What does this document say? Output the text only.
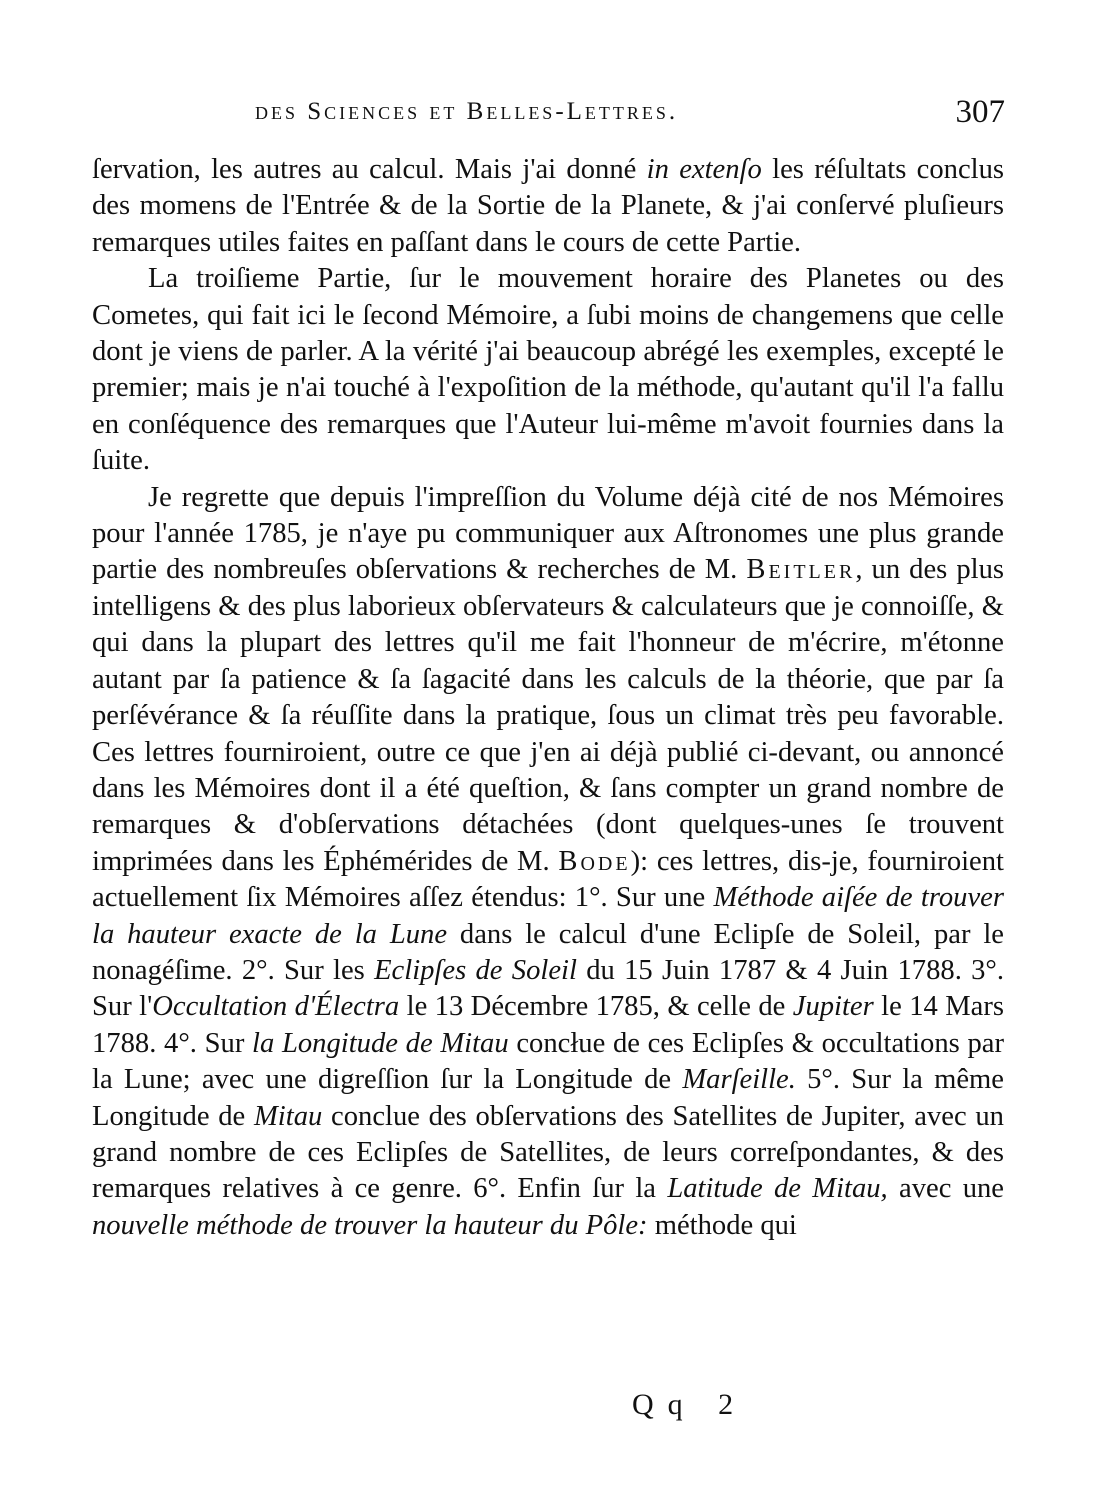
des Sciences et Belles-Lettres.	307

ſervation, les autres au calcul. Mais j'ai donné in extenſo les réſultats conclus des momens de l'Entrée & de la Sortie de la Planete, & j'ai conſervé pluſieurs remarques utiles faites en paſſant dans le cours de cette Partie.

La troiſieme Partie, ſur le mouvement horaire des Planetes ou des Cometes, qui fait ici le ſecond Mémoire, a ſubi moins de changemens que celle dont je viens de parler. A la vérité j'ai beaucoup abrégé les exemples, excepté le premier; mais je n'ai touché à l'expoſition de la méthode, qu'autant qu'il l'a fallu en conſéquence des remarques que l'Auteur lui-même m'avoit fournies dans la ſuite.

Je regrette que depuis l'impreſſion du Volume déjà cité de nos Mémoires pour l'année 1785, je n'aye pu communiquer aux Aſtronomes une plus grande partie des nombreuſes obſervations & recherches de M. Beitler, un des plus intelligens & des plus laborieux obſervateurs & calculateurs que je connoiſſe, & qui dans la plupart des lettres qu'il me fait l'honneur de m'écrire, m'étonne autant par ſa patience & ſa ſagacité dans les calculs de la théorie, que par ſa perſévérance & ſa réuſſite dans la pratique, ſous un climat très peu favorable. Ces lettres fourniroient, outre ce que j'en ai déjà publié ci-devant, ou annoncé dans les Mémoires dont il a été queſtion, & ſans compter un grand nombre de remarques & d'obſervations détachées (dont quelques-unes ſe trouvent imprimées dans les Éphémérides de M. Bode): ces lettres, dis-je, fourniroient actuellement ſix Mémoires aſſez étendus: 1°. Sur une Méthode aiſée de trouver la hauteur exacte de la Lune dans le calcul d'une Eclipſe de Soleil, par le nonagéſime. 2°. Sur les Eclipſes de Soleil du 15 Juin 1787 & 4 Juin 1788. 3°. Sur l'Occultation d'Électra le 13 Décembre 1785, & celle de Jupiter le 14 Mars 1788. 4°. Sur la Longitude de Mitau concłue de ces Eclipſes & occultations par la Lune; avec une digreſſion ſur la Longitude de Marſeille. 5°. Sur la même Longitude de Mitau conclue des obſervations des Satellites de Jupiter, avec un grand nombre de ces Eclipſes de Satellites, de leurs correſpondantes, & des remarques relatives à ce genre. 6°. Enfin ſur la Latitude de Mitau, avec une nouvelle méthode de trouver la hauteur du Pôle: méthode qui

Qq 2
